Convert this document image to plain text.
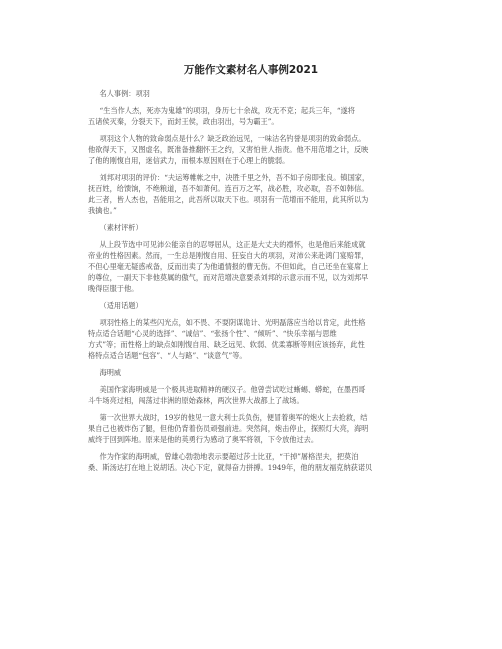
万能作文素材名人事例2021
名人事例：项羽
“生当作人杰，死亦为鬼雄”的项羽，身历七十余战，攻无不克；起兵三年，“遂将
五诸侯灭秦，分裂天下，而封王侯，政由羽出，号为霸王”。
项羽这个人物的致命弱点是什么？缺乏政治远见，一味沽名钓誉是项羽的致命弱点。
他欲得天下，又图虚名，既准备推翻怀王之约，又害怕世人指责。他不用范增之计，反映
了他的刚愎自用，迷信武力，而根本原因则在于心理上的脆弱。
刘邦对项羽的评价：“夫运筹帷帐之中，决胜千里之外，吾不如子房即张良。镇国家，
抚百姓，给馈饷，不绝粮道，吾不如萧何。连百万之军，战必胜，攻必取，吾不如韩信。
此三者，皆人杰也，吾能用之，此吾所以取天下也。项羽有一范增而不能用，此其所以为
我擒也。”
（素材评析）
从上段节选中可见沛公能亲自的忍辱屈从，这正是大丈夫的襟怀，也是他后来能成就
帝业的性格因素。然而，一生总是刚愎自用、狂妄自大的项羽，对沛公来赴鸿门宴赔罪，
不但心里毫无疑惑戒备，反而出卖了为他通情报的曹无伤。不但如此，自己还坐在宴席上
的尊位，一副天下非他莫属的傲气，而对范增决意要杀刘邦的示意示而不见，以为刘邦早
晚得臣服于他。
（适用话题）
项羽性格上的某些闪光点，如不畏、不耍阴谋诡计、光明磊落应当给以肯定，此性格
特点适合话题“心灵的选择”、“诚信”、“张扬个性”、“倾听”、“快乐幸福与思维
方式”等；而性格上的缺点如刚愎自用、缺乏远见、软弱、优柔寡断等则应该扬弃，此性
格特点适合话题“包容”、“人与路”、“谈意气”等。
海明威
美国作家海明威是一个极具进取精神的硬汉子。他曾尝试吃过蜥蜴、蟒蛇，在墨西哥
斗牛场亮过相，闯荡过非洲的原始森林，两次世界大战都上了战场。
第一次世界大战时，19岁的他见一意大利士兵负伤，便冒着奥军的炮火上去抢救，结
果自己也被炸伤了腿，但他仍背着伤员顽强前进。突然间，炮击停止，探照灯大亮，海明
威终于回到阵地。原来是他的英勇行为感动了奥军将领，下令放他过去。
作为作家的海明威，曾雄心勃勃地表示要超过莎士比亚，“干掉”屠格涅夫，把莫泊
桑、斯汤达打在地上说胡话。决心下定，就得奋力拼搏。1949年，他的朋友福克纳获诺贝
